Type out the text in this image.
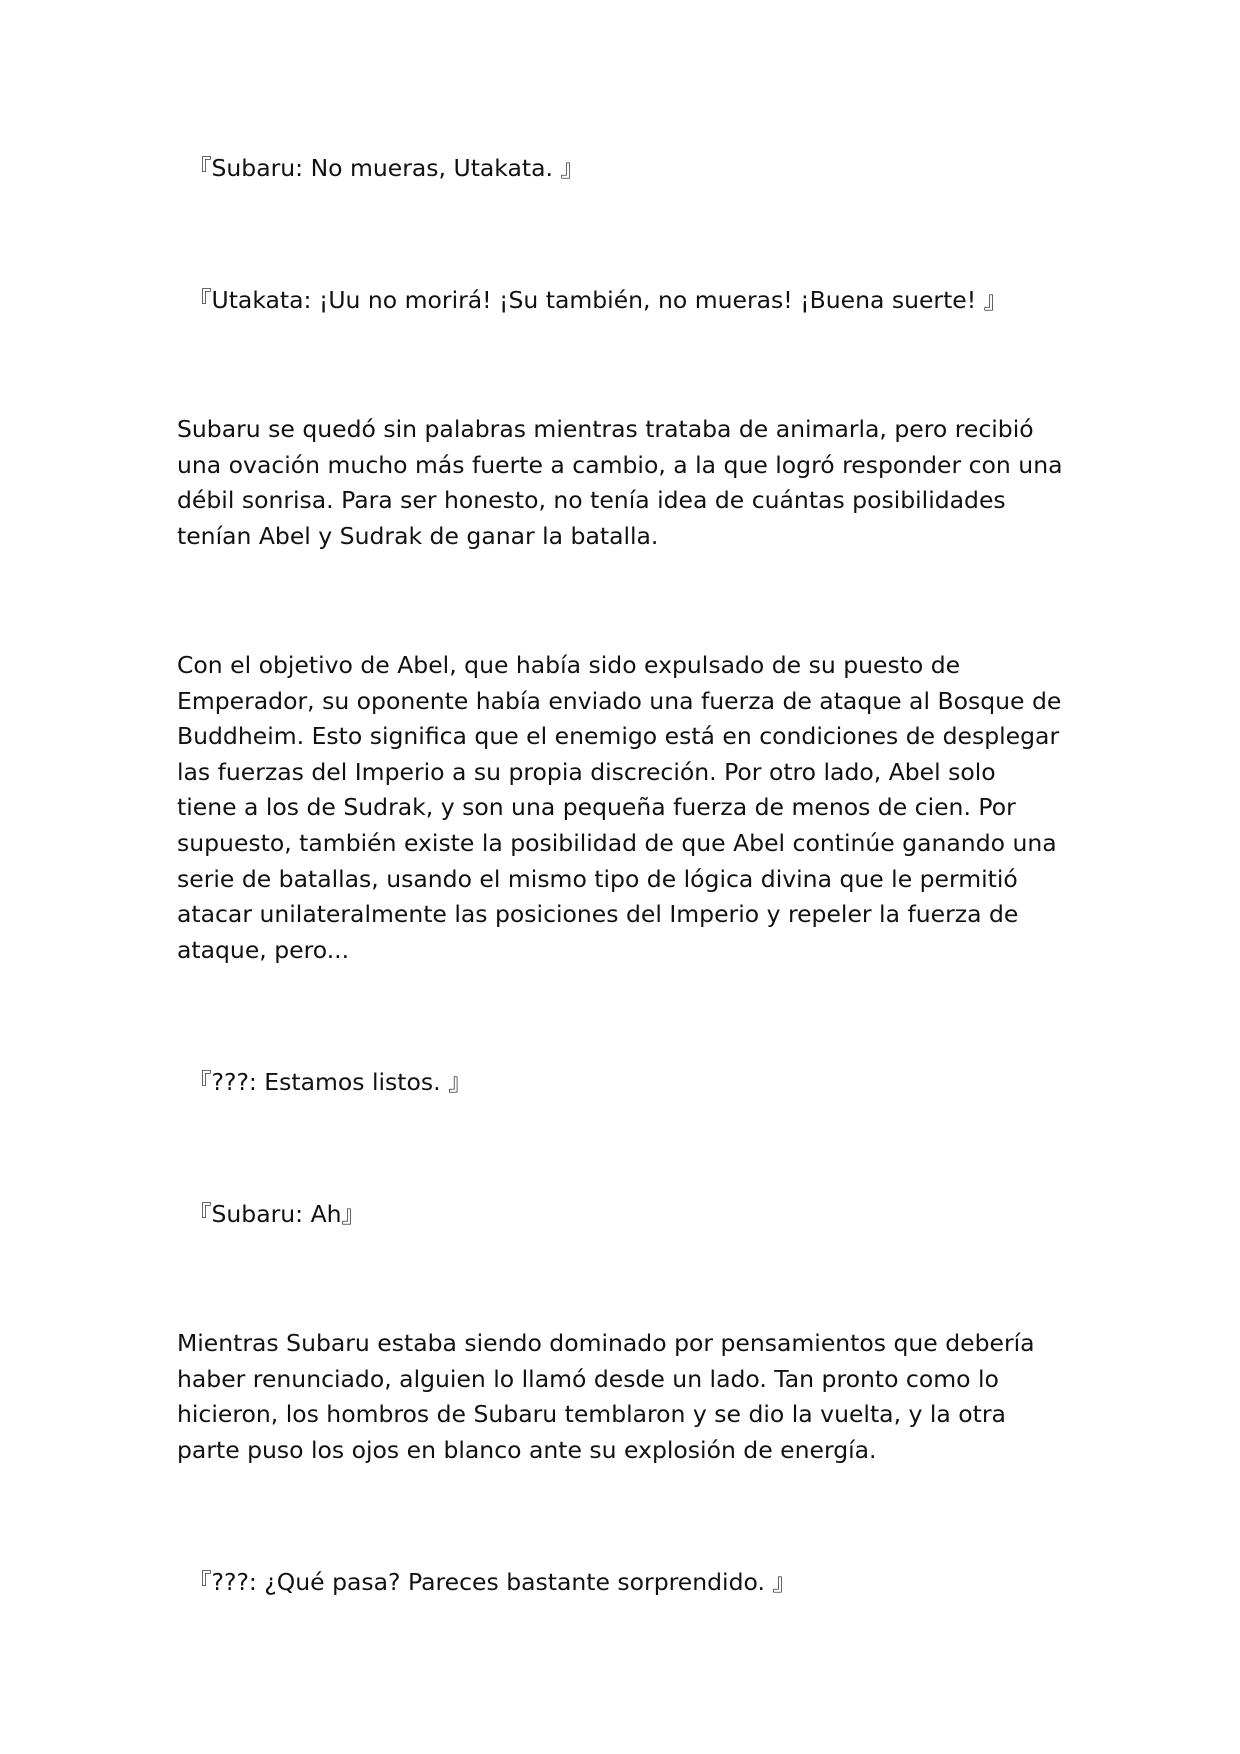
『Subaru: No mueras, Utakata. 』

『Utakata: ¡Uu no morirá! ¡Su también, no mueras! ¡Buena suerte! 』

Subaru se quedó sin palabras mientras trataba de animarla, pero recibió
una ovación mucho más fuerte a cambio, a la que logró responder con una
débil sonrisa. Para ser honesto, no tenía idea de cuántas posibilidades
tenían Abel y Sudrak de ganar la batalla.
Con el objetivo de Abel, que había sido expulsado de su puesto de
Emperador, su oponente había enviado una fuerza de ataque al Bosque de
Buddheim. Esto significa que el enemigo está en condiciones de desplegar
las fuerzas del Imperio a su propia discreción. Por otro lado, Abel solo
tiene a los de Sudrak, y son una pequeña fuerza de menos de cien. Por
supuesto, también existe la posibilidad de que Abel continúe ganando una
serie de batallas, usando el mismo tipo de lógica divina que le permitió
atacar unilateralmente las posiciones del Imperio y repeler la fuerza de
ataque, pero...

『???: Estamos listos. 』

『Subaru: Ah』

Mientras Subaru estaba siendo dominado por pensamientos que debería
haber renunciado, alguien lo llamó desde un lado. Tan pronto como lo
hicieron, los hombros de Subaru temblaron y se dio la vuelta, y la otra
parte puso los ojos en blanco ante su explosión de energía.

『???: ¿Qué pasa? Pareces bastante sorprendido. 』
